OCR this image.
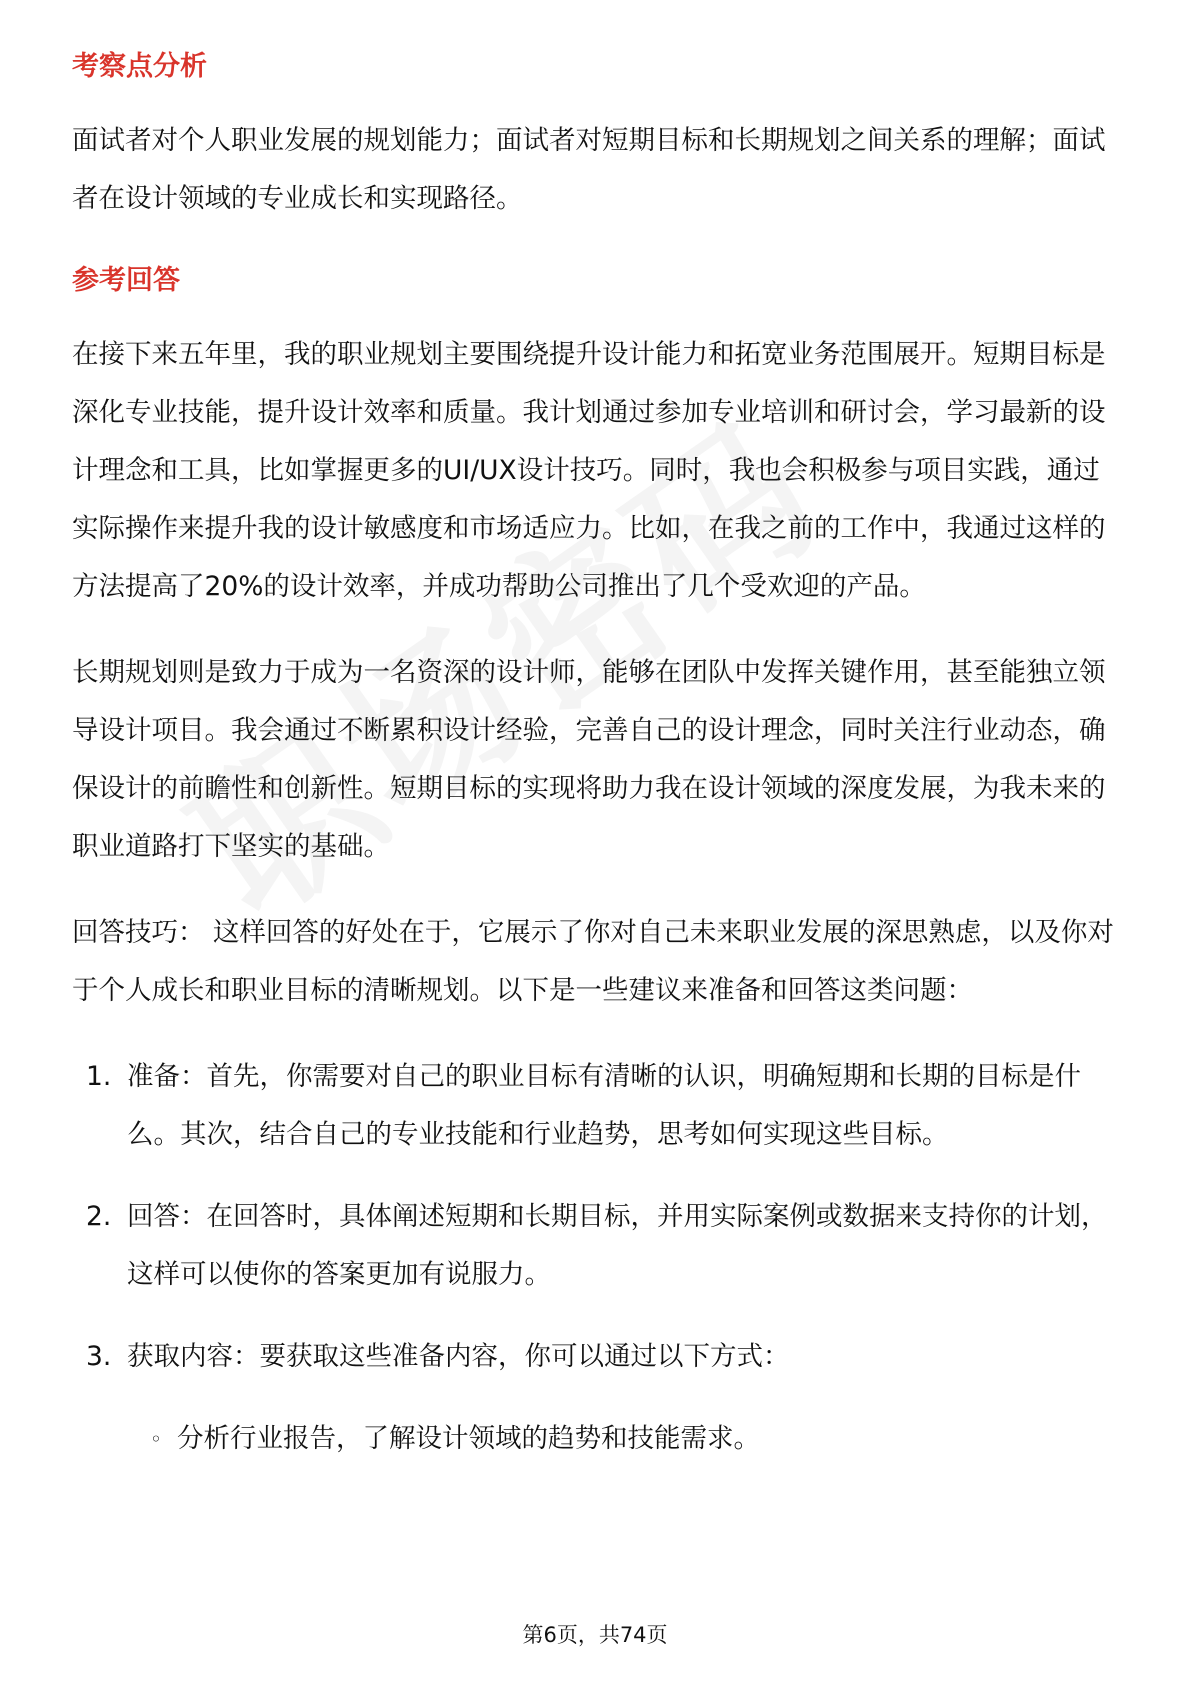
考察点分析
面试者对个人职业发展的规划能力；面试者对短期目标和长期规划之间关系的理解；面试者在设计领域的专业成长和实现路径。
参考回答
在接下来五年里，我的职业规划主要围绕提升设计能力和拓宽业务范围展开。短期目标是深化专业技能，提升设计效率和质量。我计划通过参加专业培训和研讨会，学习最新的设计理念和工具，比如掌握更多的UI/UX设计技巧。同时，我也会积极参与项目实践，通过实际操作来提升我的设计敏感度和市场适应力。比如，在我之前的工作中，我通过这样的方法提高了20%的设计效率，并成功帮助公司推出了几个受欢迎的产品。
长期规划则是致力于成为一名资深的设计师，能够在团队中发挥关键作用，甚至能独立领导设计项目。我会通过不断累积设计经验，完善自己的设计理念，同时关注行业动态，确保设计的前瞻性和创新性。短期目标的实现将助力我在设计领域的深度发展，为我未来的职业道路打下坚实的基础。
回答技巧： 这样回答的好处在于，它展示了你对自己未来职业发展的深思熟虑，以及你对于个人成长和职业目标的清晰规划。以下是一些建议来准备和回答这类问题：
1. 准备：首先，你需要对自己的职业目标有清晰的认识，明确短期和长期的目标是什么。其次，结合自己的专业技能和行业趋势，思考如何实现这些目标。
2. 回答：在回答时，具体阐述短期和长期目标，并用实际案例或数据来支持你的计划，这样可以使你的答案更加有说服力。
3. 获取内容：要获取这些准备内容，你可以通过以下方式：
◦ 分析行业报告，了解设计领域的趋势和技能需求。
第6页，共74页
